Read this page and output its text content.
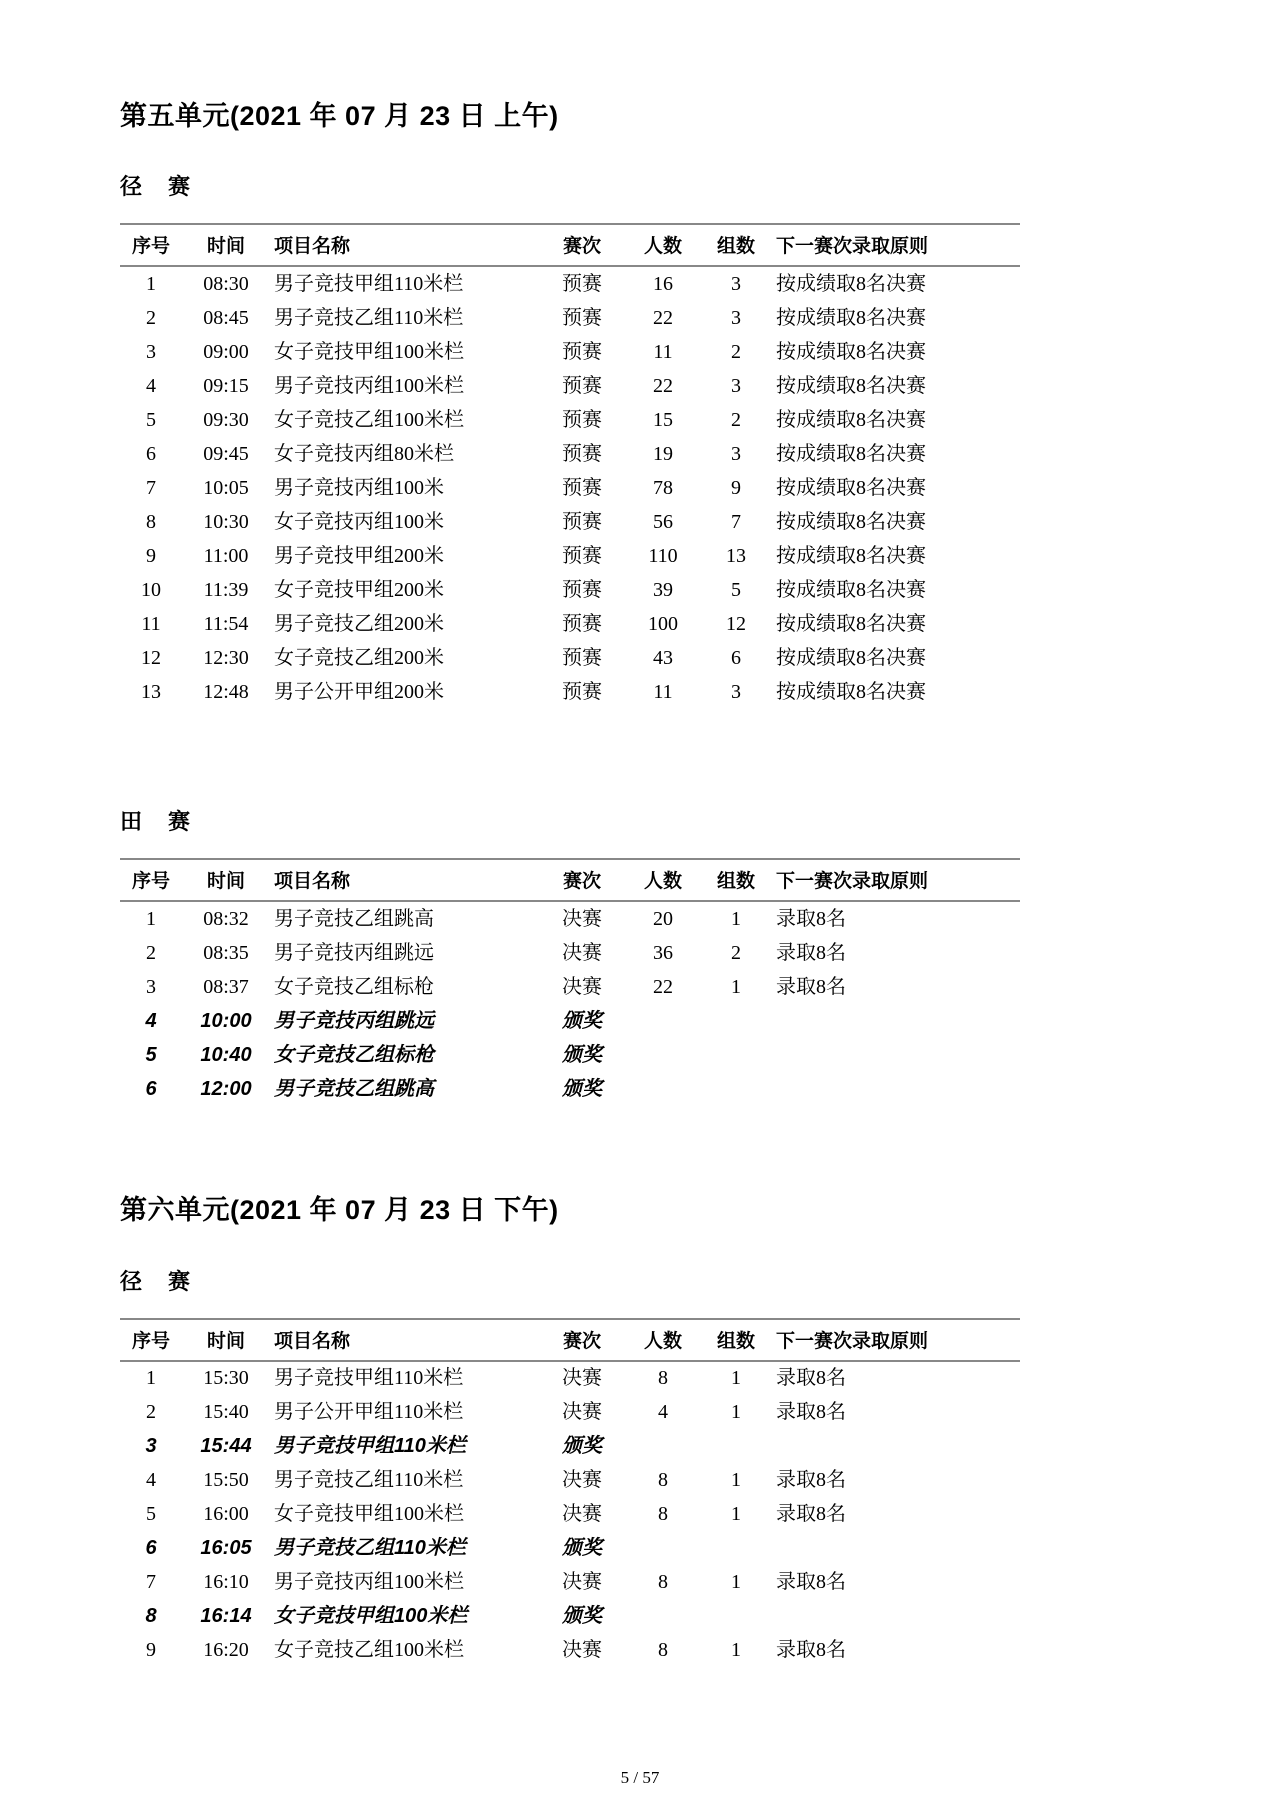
第五单元(2021 年 07 月 23 日 上午)
径赛
序号	时间	项目名称	赛次	人数	组数	下一赛次录取原则
1	08:30	男子竞技甲组110米栏	预赛	16	3	按成绩取8名决赛
2	08:45	男子竞技乙组110米栏	预赛	22	3	按成绩取8名决赛
3	09:00	女子竞技甲组100米栏	预赛	11	2	按成绩取8名决赛
4	09:15	男子竞技丙组100米栏	预赛	22	3	按成绩取8名决赛
5	09:30	女子竞技乙组100米栏	预赛	15	2	按成绩取8名决赛
6	09:45	女子竞技丙组80米栏	预赛	19	3	按成绩取8名决赛
7	10:05	男子竞技丙组100米	预赛	78	9	按成绩取8名决赛
8	10:30	女子竞技丙组100米	预赛	56	7	按成绩取8名决赛
9	11:00	男子竞技甲组200米	预赛	110	13	按成绩取8名决赛
10	11:39	女子竞技甲组200米	预赛	39	5	按成绩取8名决赛
11	11:54	男子竞技乙组200米	预赛	100	12	按成绩取8名决赛
12	12:30	女子竞技乙组200米	预赛	43	6	按成绩取8名决赛
13	12:48	男子公开甲组200米	预赛	11	3	按成绩取8名决赛
田赛
序号	时间	项目名称	赛次	人数	组数	下一赛次录取原则
1	08:32	男子竞技乙组跳高	决赛	20	1	录取8名
2	08:35	男子竞技丙组跳远	决赛	36	2	录取8名
3	08:37	女子竞技乙组标枪	决赛	22	1	录取8名
4	10:00	男子竞技丙组跳远	颁奖			
5	10:40	女子竞技乙组标枪	颁奖			
6	12:00	男子竞技乙组跳高	颁奖			
第六单元(2021 年 07 月 23 日 下午)
径赛
序号	时间	项目名称	赛次	人数	组数	下一赛次录取原则
1	15:30	男子竞技甲组110米栏	决赛	8	1	录取8名
2	15:40	男子公开甲组110米栏	决赛	4	1	录取8名
3	15:44	男子竞技甲组110米栏	颁奖			
4	15:50	男子竞技乙组110米栏	决赛	8	1	录取8名
5	16:00	女子竞技甲组100米栏	决赛	8	1	录取8名
6	16:05	男子竞技乙组110米栏	颁奖			
7	16:10	男子竞技丙组100米栏	决赛	8	1	录取8名
8	16:14	女子竞技甲组100米栏	颁奖			
9	16:20	女子竞技乙组100米栏	决赛	8	1	录取8名
5 / 57
